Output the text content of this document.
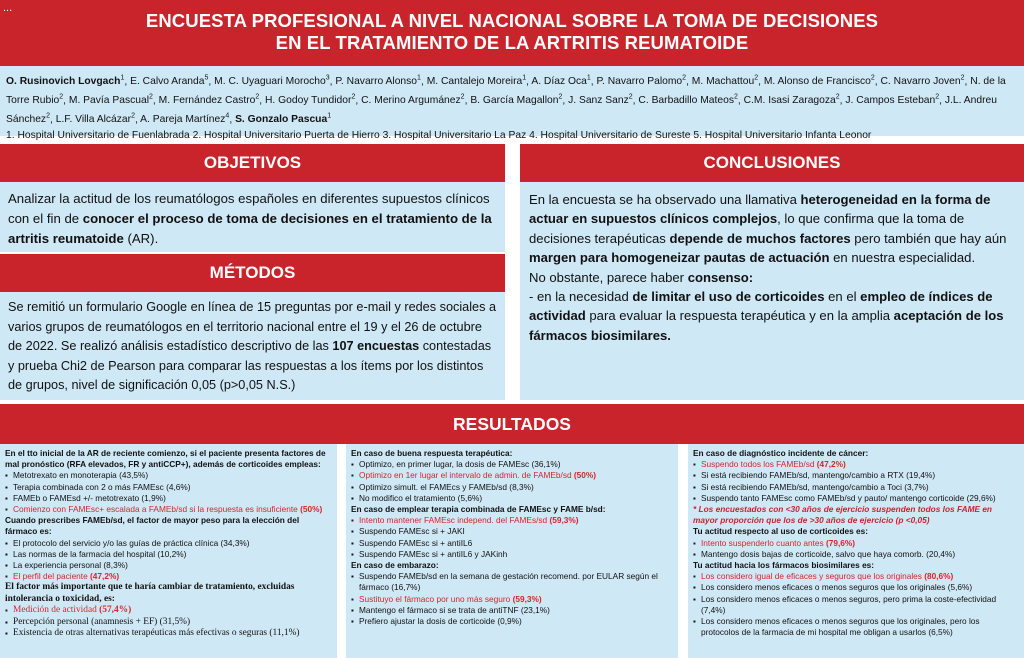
...
ENCUESTA PROFESIONAL A NIVEL NACIONAL SOBRE LA TOMA DE DECISIONES
EN EL TRATAMIENTO DE LA ARTRITIS REUMATOIDE
O. Rusinovich Lovgach$^1$, E. Calvo Aranda$^5$, M. C. Uyaguari Morocho$^3$, P. Navarro Alonso$^1$, M. Cantalejo Moreira$^1$, A. Díaz Oca$^1$, P. Navarro Palomo$^2$, M. Machattou$^2$, M. Alonso de Francisco$^2$, C. Navarro Joven$^2$, N. de la Torre Rubio$^2$, M. Pavía Pascual$^2$, M. Fernández Castro$^2$, H. Godoy Tundidor$^2$, C. Merino Argumánez$^2$, B. García Magallon$^2$, J. Sanz Sanz$^2$, C. Barbadillo Mateos$^2$, C.M. Isasi Zaragoza$^2$, J. Campos Esteban$^2$, J.L. Andreu Sánchez$^2$, L.F. Villa Alcázar$^2$, A. Pareja Martínez$^4$, S. Gonzalo Pascua$^1$
1. Hospital Universitario de Fuenlabrada 2. Hospital Universitario Puerta de Hierro 3. Hospital Universitario La Paz 4. Hospital Universitario de Sureste 5. Hospital Universitario Infanta Leonor
OBJETIVOS
Analizar la actitud de los reumatólogos españoles en diferentes supuestos clínicos con el fin de conocer el proceso de toma de decisiones en el tratamiento de la artritis reumatoide (AR).
MÉTODOS
Se remitió un formulario Google en línea de 15 preguntas por e-mail y redes sociales a varios grupos de reumatólogos en el territorio nacional entre el 19 y el 26 de octubre de 2022. Se realizó análisis estadístico descriptivo de las 107 encuestas contestadas y prueba Chi2 de Pearson para comparar las respuestas a los ítems por los distintos de grupos, nivel de significación 0,05 (p>0,05 N.S.)
CONCLUSIONES
En la encuesta se ha observado una llamativa heterogeneidad en la forma de actuar en supuestos clínicos complejos, lo que confirma que la toma de decisiones terapéuticas depende de muchos factores pero también que hay aún margen para homogeneizar pautas de actuación en nuestra especialidad.
No obstante, parece haber consenso:
- en la necesidad de limitar el uso de corticoides en el empleo de índices de actividad para evaluar la respuesta terapéutica y en la amplia aceptación de los fármacos biosimilares.
RESULTADOS

En el tto inicial de la AR de reciente comienzo, si el paciente presenta factores de mal pronóstico (RFA elevados, FR y antiCCP+), además de corticoides empleas:

▪ Metotrexato en monoterapia (43,5%)
▪ Terapia combinada con 2 o más FAMEsc (4,6%)
▪ FAMEb o FAMEsd +/- metotrexato (1,9%)
▪ Comienzo con FAMEsc+ escalada a FAMEb/sd si la respuesta es insuficiente (50%)

Cuando prescribes FAMEb/sd, el factor de mayor peso para la elección del fármaco es:

▪ El protocolo del servicio y/o las guías de práctica clínica (34,3%)
▪ Las normas de la farmacia del hospital (10,2%)
▪ La experiencia personal (8,3%)
▪ El perfil del paciente (47,2%)

El factor más importante que te haría cambiar de tratamiento, excluidas intolerancia o toxicidad, es:

▪ Medición de actividad (57,4%)
▪ Percepción personal (anamnesis + EF) (31,5%)
▪ Existencia de otras alternativas terapéuticas más efectivas o seguras (11,1%)

En caso de buena respuesta terapéutica:

▪ Optimizo, en primer lugar, la dosis de FAMEsc (36,1%)
▪ Optimizo en 1er lugar el intervalo de admin. de FAMEb/sd (50%)
▪ Optimizo simult. el FAMEcs y FAMEb/sd (8,3%)
▪ No modifico el tratamiento (5,6%)

En caso de emplear terapia combinada de FAMEsc y FAME b/sd:

▪ Intento mantener FAMEsc independ. del FAMEs/sd (59,3%)
▪ Suspendo FAMEsc si + JAKI
▪ Suspendo FAMEsc si + antiIL6
▪ Suspendo FAMEsc si + antiIL6 y JAKinh

En caso de embarazo:

▪ Suspendo FAMEb/sd en la semana de gestación recomend. por EULAR según el fármaco (16,7%)
▪ Sustituyo el fármaco por uno más seguro (59,3%)
▪ Mantengo el fármaco si se trata de antiTNF (23,1%)
▪ Prefiero ajustar la dosis de corticoide (0,9%)

En caso de diagnóstico incidente de cáncer:

▪ Suspendo todos los FAMEb/sd (47,2%)
▪ Si está recibiendo FAMEb/sd, mantengo/cambio a RTX (19,4%)
▪ Si está recibiendo FAMEb/sd, mantengo/cambio a Toci (3,7%)
▪ Suspendo tanto FAMEsc como FAMEb/sd y pauto/ mantengo corticoide (29,6%)

* Los encuestados con <30 años de ejercicio suspenden todos los FAME en mayor proporción que los de >30 años de ejercicio (p <0,05)

Tu actitud respecto al uso de corticoides es:

▪ Intento suspenderlo cuanto antes (79,6%)
▪ Mantengo dosis bajas de corticoide, salvo que haya comorb. (20,4%)

Tu actitud hacia los fármacos biosimilares es:

▪ Los considero igual de eficaces y seguros que los originales (80,6%)
▪ Los considero menos eficaces o menos seguros que los originales (5,6%)
▪ Los considero menos eficaces o menos seguros, pero prima la coste-efectividad (7,4%)
▪ Los considero menos eficaces o menos seguros que los originales, pero los protocolos de la farmacia de mi hospital me obligan a usarlos (6,5%)
